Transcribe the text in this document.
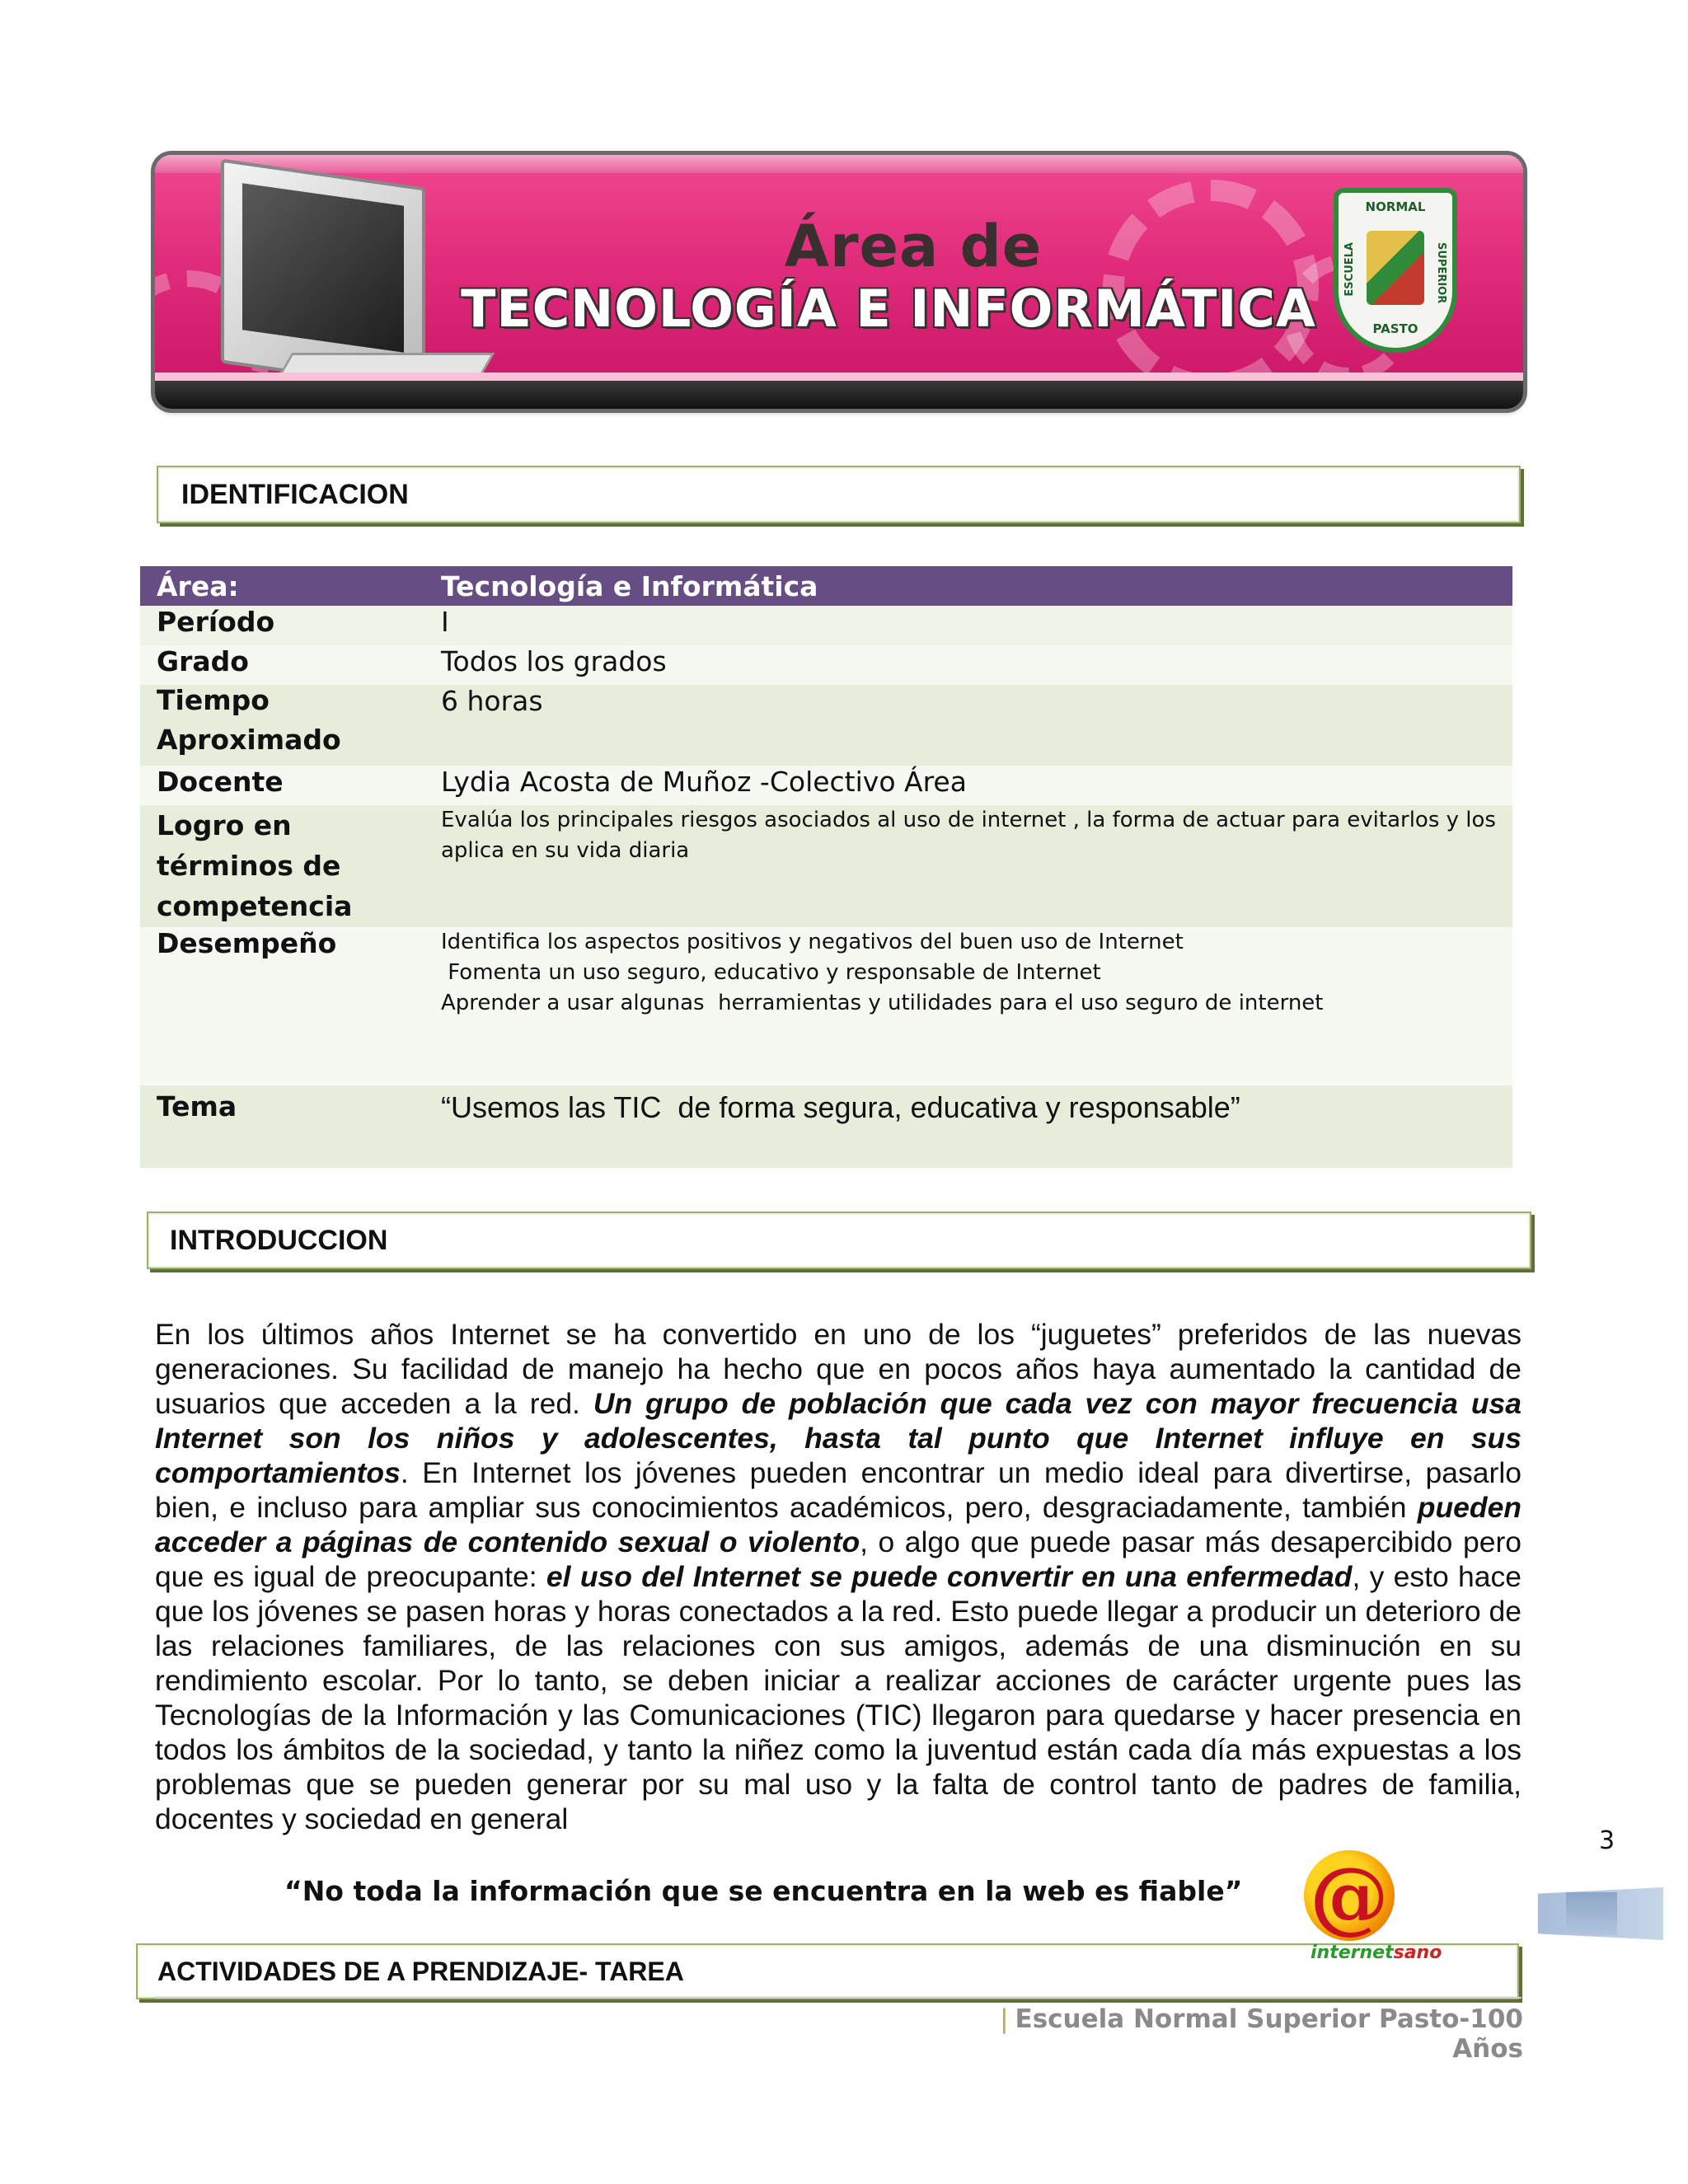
Área de
TECNOLOGÍA E INFORMÁTICA
NORMAL
ESCUELA	SUPERIOR
PASTO
IDENTIFICACION
Área:	Tecnología e Informática
Período	I
Grado	Todos los grados

Tiempo
Aproximado	6 horas
Docente	Lydia Acosta de Muñoz -Colectivo Área

Logro en
términos de
competencia	Evalúa los principales riesgos asociados al uso de internet , la forma de actuar para evitarlos y los
aplica en su vida diaria

Desempeño	Identifica los aspectos positivos y negativos del buen uso de Internet
Fomenta un uso seguro, educativo y responsable de Internet
Aprender a usar algunas  herramientas y utilidades para el uso seguro de internet

Tema	“Usemos las TIC  de forma segura, educativa y responsable”
INTRODUCCION

En los últimos años Internet se ha convertido en uno de los “juguetes” preferidos de las nuevas generaciones. Su facilidad de manejo ha hecho que en pocos años haya aumentado la cantidad de usuarios que acceden a la red. Un grupo de población que cada vez con mayor frecuencia usa Internet son los niños y adolescentes, hasta tal punto que Internet influye en sus comportamientos. En Internet los jóvenes pueden encontrar un medio ideal para divertirse, pasarlo bien, e incluso para ampliar sus conocimientos académicos, pero, desgraciadamente, también pueden acceder a páginas de contenido sexual o violento, o algo que puede pasar más desapercibido pero que es igual de preocupante: el uso del Internet se puede convertir en una enfermedad, y esto hace que los jóvenes se pasen horas y horas conectados a la red. Esto puede llegar a producir un deterioro de las relaciones familiares, de las relaciones con sus amigos, además de una disminución en su rendimiento escolar. Por lo tanto, se deben iniciar a realizar acciones de carácter urgente pues las Tecnologías de la Información y las Comunicaciones (TIC) llegaron para quedarse y hacer presencia en todos los ámbitos de la sociedad, y tanto la niñez como la juventud están cada día más expuestas a los problemas que se pueden generar por su mal uso y la falta de control tanto de padres de familia, docentes y sociedad en general

3
“No toda la información que se encuentra en la web es fiable”
ACTIVIDADES DE A PRENDIZAJE- TAREA
@
internetsano
| Escuela Normal Superior Pasto-100 Años
